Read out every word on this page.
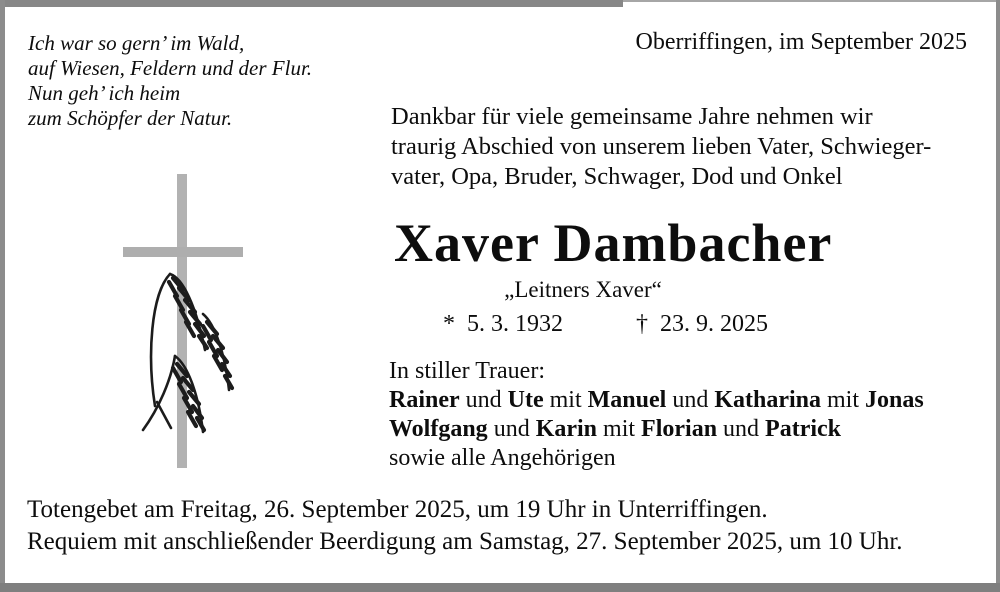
Ich war so gern’ im Wald,
auf Wiesen, Feldern und der Flur.
Nun geh’ ich heim
zum Schöpfer der Natur.
Oberriffingen, im September 2025
Dankbar für viele gemeinsame Jahre nehmen wir
traurig Abschied von unserem lieben Vater, Schwieger-
vater, Opa, Bruder, Schwager, Dod und Onkel
Xaver Dambacher
„Leitners Xaver“
* 5. 3. 1932	† 23. 9. 2025
In stiller Trauer:
Rainer und Ute mit Manuel und Katharina mit Jonas
Wolfgang und Karin mit Florian und Patrick
sowie alle Angehörigen
Totengebet am Freitag, 26. September 2025, um 19 Uhr in Unterriffingen.
Requiem mit anschließender Beerdigung am Samstag, 27. September 2025, um 10 Uhr.
